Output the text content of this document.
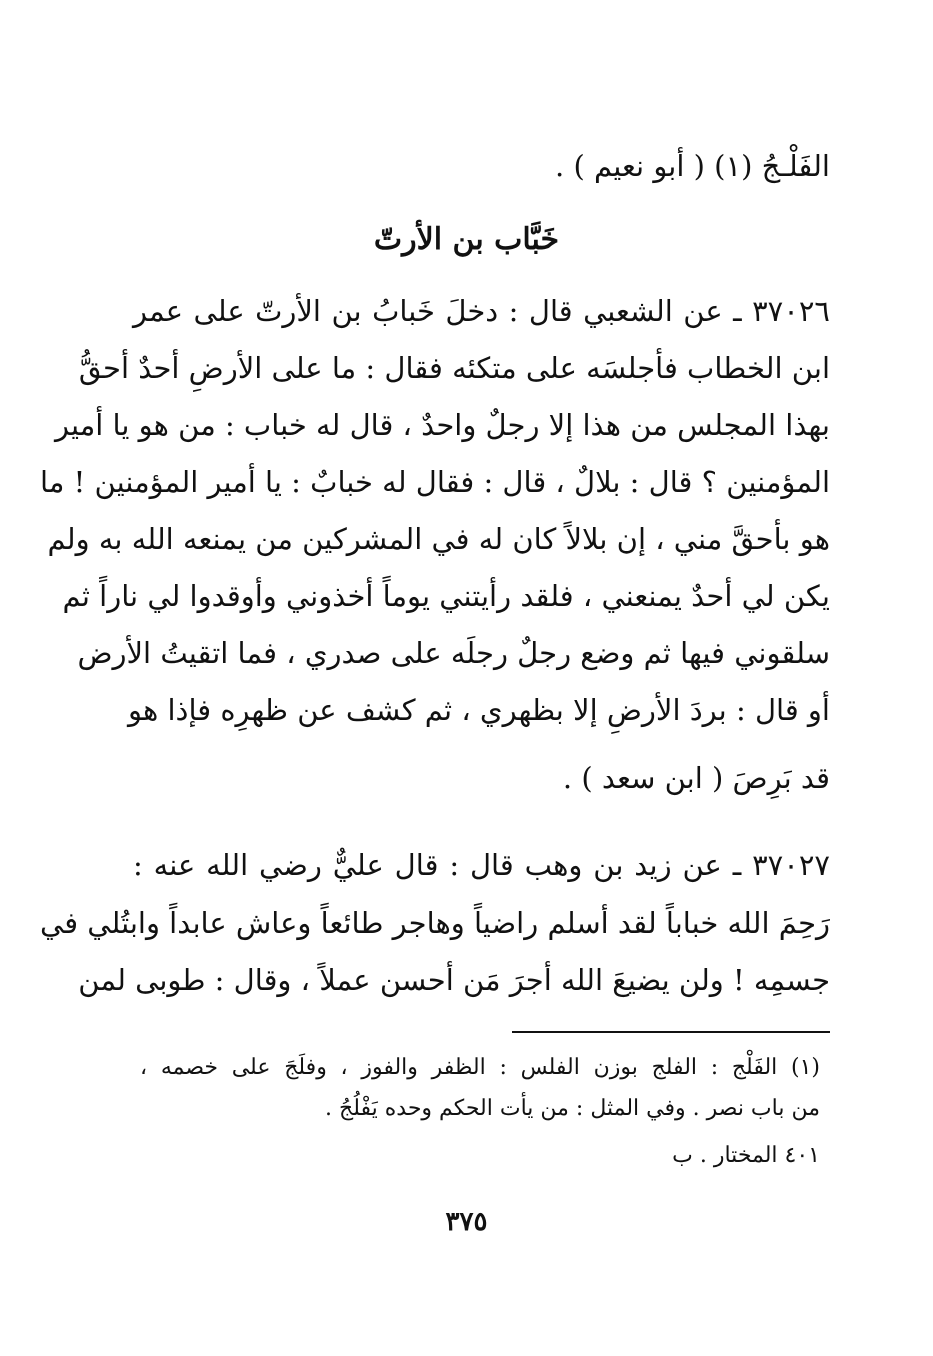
الفَلْـجُ (١) ( أبو نعيم ) .
خَبَّاب بن الأرتّ
٣٧٠٢٦ ـ عن الشعبي قال : دخلَ خَبابُ بن الأرتّ على عمر
ابن الخطاب فأجلسَه على متكئه فقال : ما على الأرضِ أحدٌ أحقُّ
بهذا المجلس من هذا إلا رجلٌ واحدٌ ، قال له خباب : من هو يا أمير
المؤمنين ؟ قال : بلالٌ ، قال : فقال له خبابٌ : يا أمير المؤمنين ! ما
هو بأحقَّ مني ، إن بلالاً كان له في المشركين من يمنعه الله به ولم
يكن لي أحدٌ يمنعني ، فلقد رأيتني يوماً أخذوني وأوقدوا لي ناراً ثم
سلقوني فيها ثم وضع رجلٌ رجلَه على صدري ، فما اتقيتُ الأرض
أو قال : بردَ الأرضِ إلا بظهري ، ثم كشف عن ظهرِه فإذا هو
قد بَرِصَ ( ابن سعد ) .
٣٧٠٢٧ ـ عن زيد بن وهب قال : قال عليٌّ رضي الله عنه :
رَحِمَ الله خباباً لقد أسلم راضياً وهاجر طائعاً وعاش عابداً وابتُلي في
جسمِه ! ولن يضيعَ الله أجرَ مَن أحسن عملاً ، وقال : طوبى لمن
(١) الفَلْج : الفلج بوزن الفلس : الظفر والفوز ، وفلَجَ على خصمه ،
من باب نصر . وفي المثل : من يأت الحكم وحده يَفْلُجُ .
٤٠١ المختار . ب
٣٧٥
